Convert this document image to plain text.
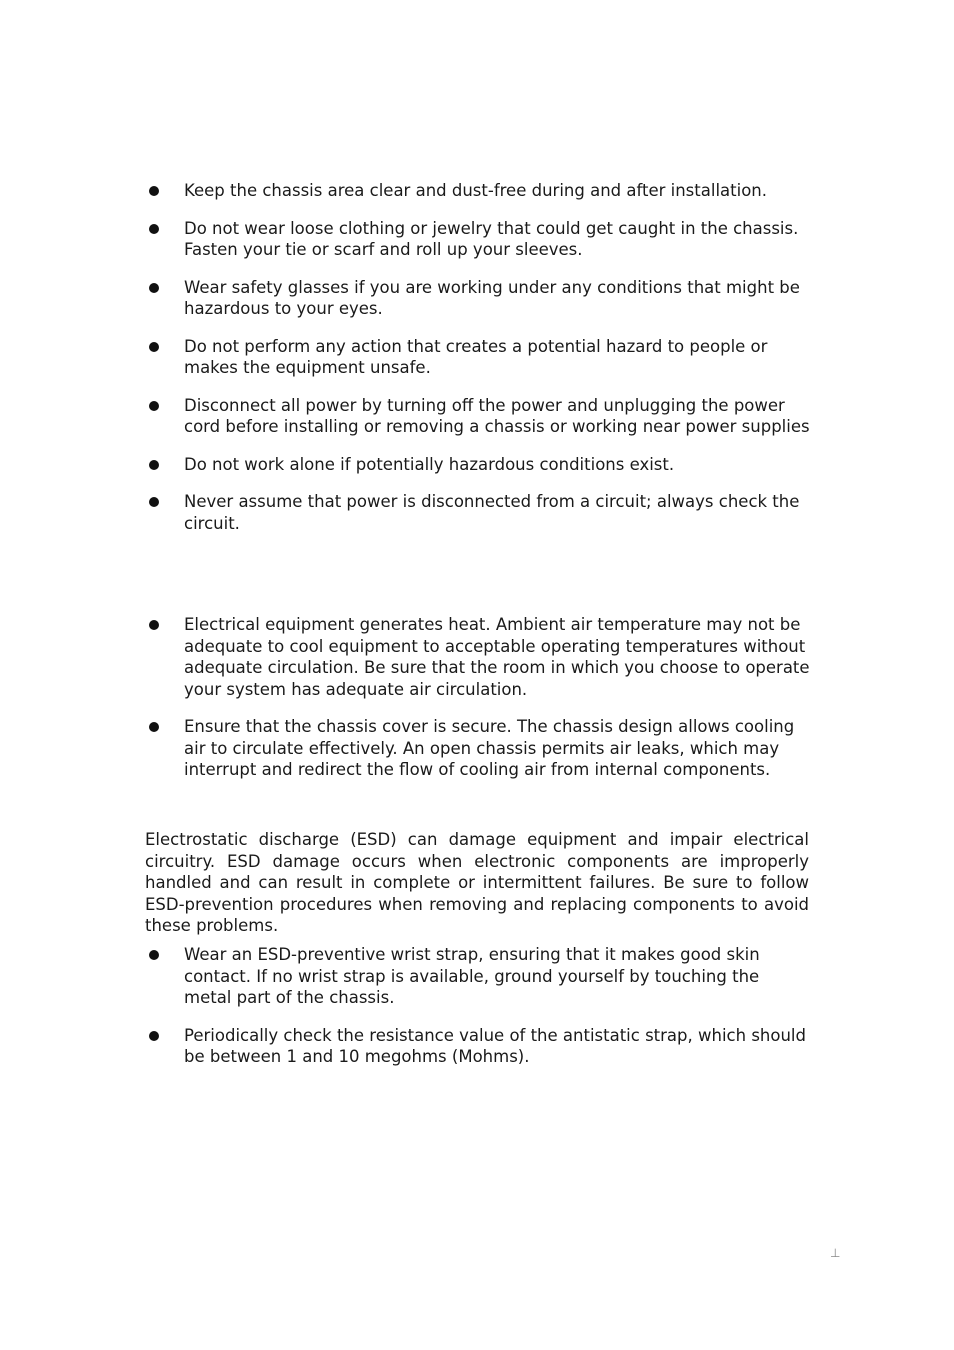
Keep the chassis area clear and dust-free during and after installation.
Do not wear loose clothing or jewelry that could get caught in the chassis. Fasten your tie or scarf and roll up your sleeves.
Wear safety glasses if you are working under any conditions that might be hazardous to your eyes.
Do not perform any action that creates a potential hazard to people or makes the equipment unsafe.
Disconnect all power by turning off the power and unplugging the power cord before installing or removing a chassis or working near power supplies
Do not work alone if potentially hazardous conditions exist.
Never assume that power is disconnected from a circuit; always check the circuit.
Electrical equipment generates heat. Ambient air temperature may not be adequate to cool equipment to acceptable operating temperatures without adequate circulation. Be sure that the room in which you choose to operate your system has adequate air circulation.
Ensure that the chassis cover is secure. The chassis design allows cooling air to circulate effectively. An open chassis permits air leaks, which may interrupt and redirect the flow of cooling air from internal components.

Electrostatic discharge (ESD) can damage equipment and impair electrical circuitry. ESD damage occurs when electronic components are improperly handled and can result in complete or intermittent failures. Be sure to follow ESD-prevention procedures when removing and replacing components to avoid these problems.

Wear an ESD-preventive wrist strap, ensuring that it makes good skin contact. If no wrist strap is available, ground yourself by touching the metal part of the chassis.
Periodically check the resistance value of the antistatic strap, which should be between 1 and 10 megohms (Mohms).
⊥
